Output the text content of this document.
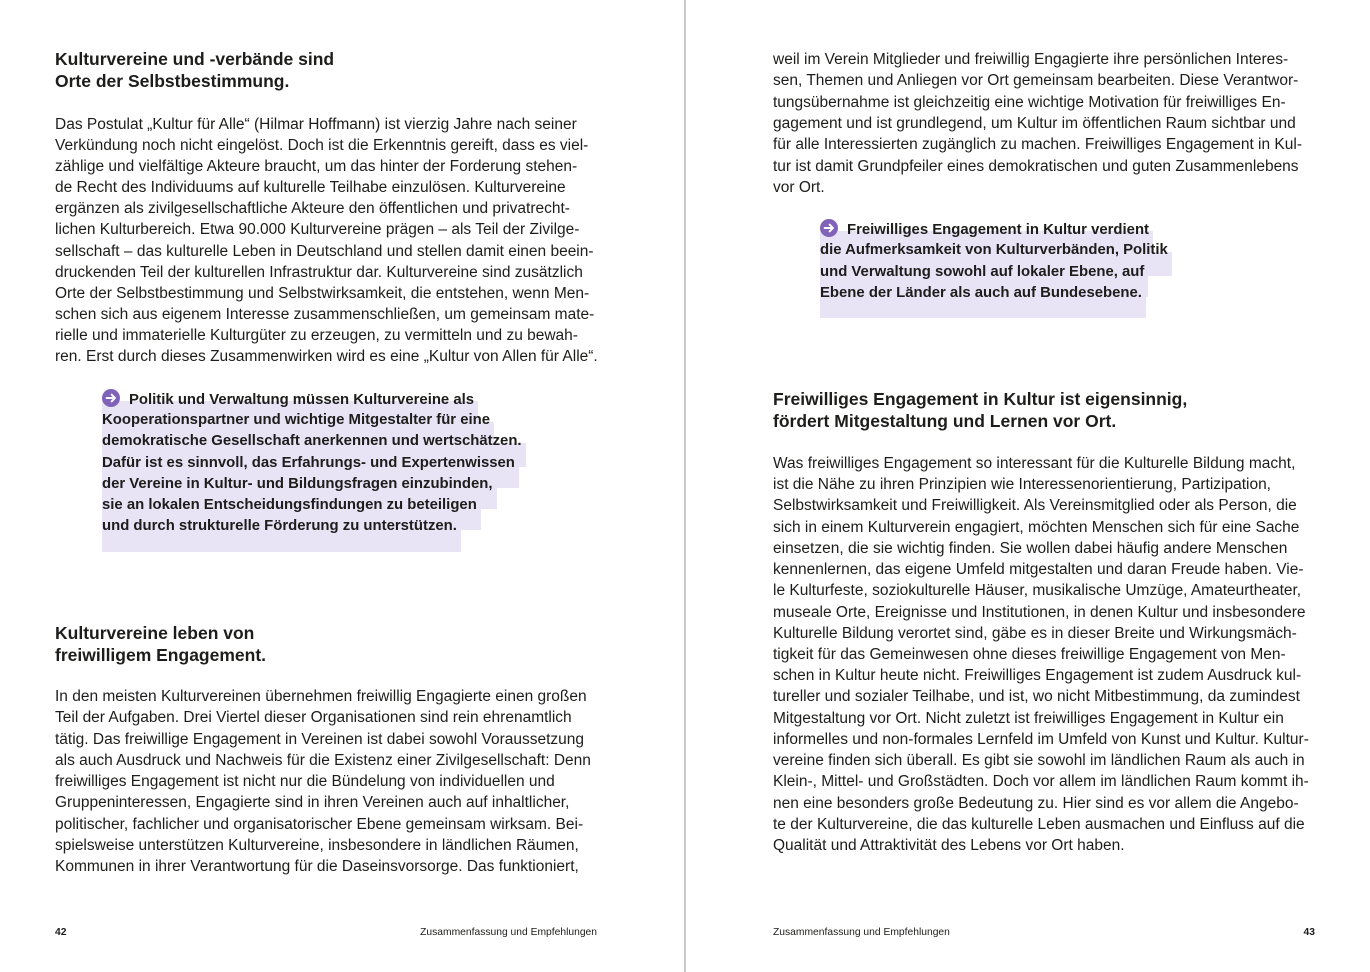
Kulturvereine und -verbände sind
Orte der Selbstbestimmung.
Das Postulat „Kultur für Alle“ (Hilmar Hoffmann) ist vierzig Jahre nach seiner
Verkündung noch nicht eingelöst. Doch ist die Erkenntnis gereift, dass es viel-
zählige und vielfältige Akteure braucht, um das hinter der Forderung stehen-
de Recht des Individuums auf kulturelle Teilhabe einzulösen. Kulturvereine
ergänzen als zivilgesellschaftliche Akteure den öffentlichen und privatrecht-
lichen Kulturbereich. Etwa 90.000 Kulturvereine prägen – als Teil der Zivilge-
sellschaft – das kulturelle Leben in Deutschland und stellen damit einen beein-
druckenden Teil der kulturellen Infrastruktur dar. Kulturvereine sind zusätzlich
Orte der Selbstbestimmung und Selbstwirksamkeit, die entstehen, wenn Men-
schen sich aus eigenem Interesse zusammenschließen, um gemeinsam mate-
rielle und immaterielle Kulturgüter zu erzeugen, zu vermitteln und zu bewah-
ren. Erst durch dieses Zusammenwirken wird es eine „Kultur von Allen für Alle“.
Politik und Verwaltung müssen Kulturvereine als
Kooperationspartner und wichtige Mitgestalter für eine
demokratische Gesellschaft anerkennen und wertschätzen.
Dafür ist es sinnvoll, das Erfahrungs- und Expertenwissen
der Vereine in Kultur- und Bildungsfragen einzubinden,
sie an lokalen Entscheidungsfindungen zu beteiligen
und durch strukturelle Förderung zu unterstützen.
Kulturvereine leben von
freiwilligem Engagement.
In den meisten Kulturvereinen übernehmen freiwillig Engagierte einen großen
Teil der Aufgaben. Drei Viertel dieser Organisationen sind rein ehrenamtlich
tätig. Das freiwillige Engagement in Vereinen ist dabei sowohl Voraussetzung
als auch Ausdruck und Nachweis für die Existenz einer Zivilgesellschaft: Denn
freiwilliges Engagement ist nicht nur die Bündelung von individuellen und
Gruppeninteressen, Engagierte sind in ihren Vereinen auch auf inhaltlicher,
politischer, fachlicher und organisatorischer Ebene gemeinsam wirksam. Bei-
spielsweise unterstützen Kulturvereine, insbesondere in ländlichen Räumen,
Kommunen in ihrer Verantwortung für die Daseinsvorsorge. Das funktioniert,
42	Zusammenfassung und Empfehlungen
weil im Verein Mitglieder und freiwillig Engagierte ihre persönlichen Interes-
sen, Themen und Anliegen vor Ort gemeinsam bearbeiten. Diese Verantwor-
tungsübernahme ist gleichzeitig eine wichtige Motivation für freiwilliges En-
gagement und ist grundlegend, um Kultur im öffentlichen Raum sichtbar und
für alle Interessierten zugänglich zu machen. Freiwilliges Engagement in Kul-
tur ist damit Grundpfeiler eines demokratischen und guten Zusammenlebens
vor Ort.
Freiwilliges Engagement in Kultur verdient
die Aufmerksamkeit von Kulturverbänden, Politik
und Verwaltung sowohl auf lokaler Ebene, auf
Ebene der Länder als auch auf Bundesebene.
Freiwilliges Engagement in Kultur ist eigensinnig,
fördert Mitgestaltung und Lernen vor Ort.
Was freiwilliges Engagement so interessant für die Kulturelle Bildung macht,
ist die Nähe zu ihren Prinzipien wie Interessenorientierung, Partizipation,
Selbstwirksamkeit und Freiwilligkeit. Als Vereinsmitglied oder als Person, die
sich in einem Kulturverein engagiert, möchten Menschen sich für eine Sache
einsetzen, die sie wichtig finden. Sie wollen dabei häufig andere Menschen
kennenlernen, das eigene Umfeld mitgestalten und daran Freude haben. Vie-
le Kulturfeste, soziokulturelle Häuser, musikalische Umzüge, Amateurtheater,
museale Orte, Ereignisse und Institutionen, in denen Kultur und insbesondere
Kulturelle Bildung verortet sind, gäbe es in dieser Breite und Wirkungsmäch-
tigkeit für das Gemeinwesen ohne dieses freiwillige Engagement von Men-
schen in Kultur heute nicht. Freiwilliges Engagement ist zudem Ausdruck kul-
tureller und sozialer Teilhabe, und ist, wo nicht Mitbestimmung, da zumindest
Mitgestaltung vor Ort. Nicht zuletzt ist freiwilliges Engagement in Kultur ein
informelles und non-formales Lernfeld im Umfeld von Kunst und Kultur. Kultur-
vereine finden sich überall. Es gibt sie sowohl im ländlichen Raum als auch in
Klein-, Mittel- und Großstädten. Doch vor allem im ländlichen Raum kommt ih-
nen eine besonders große Bedeutung zu. Hier sind es vor allem die Angebo-
te der Kulturvereine, die das kulturelle Leben ausmachen und Einfluss auf die
Qualität und Attraktivität des Lebens vor Ort haben.
Zusammenfassung und Empfehlungen	43
